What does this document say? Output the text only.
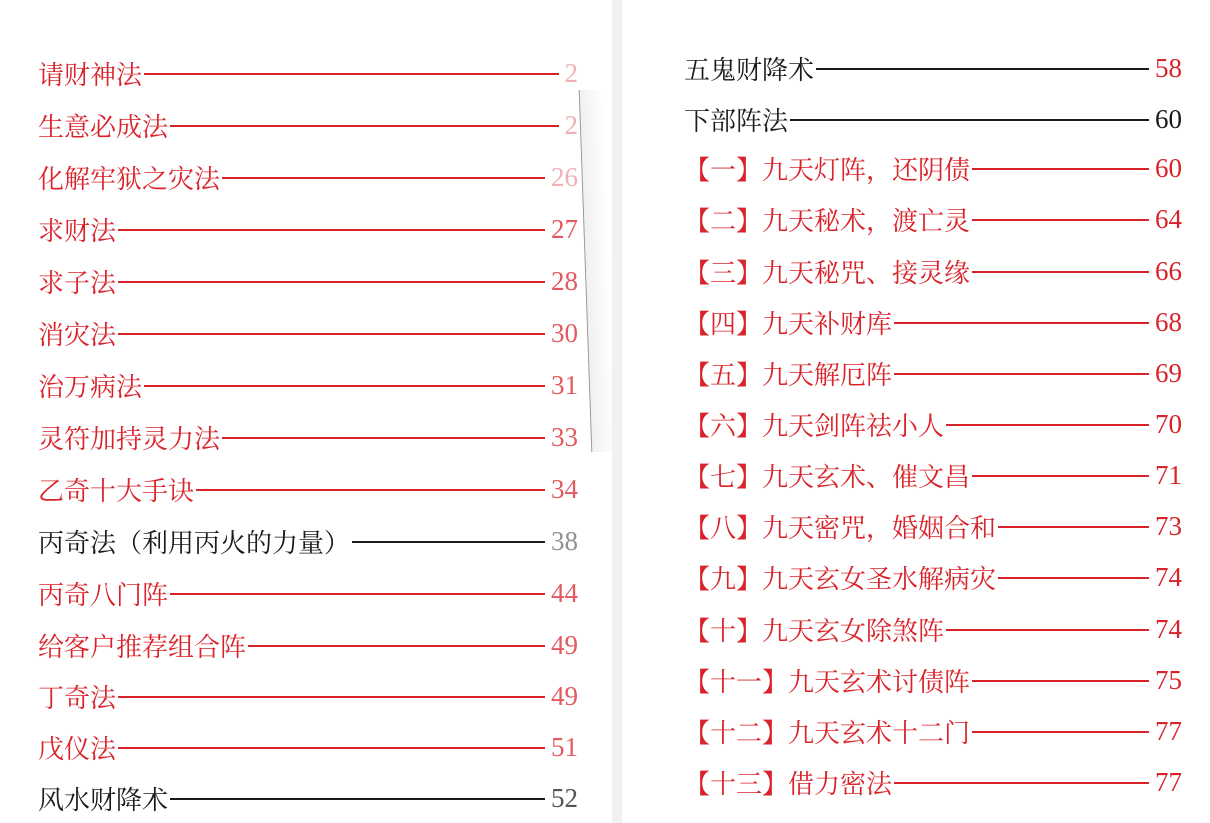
请财神法	2
生意必成法	2
化解牢狱之灾法	26
求财法	27
求子法	28
消灾法	30
治万病法	31
灵符加持灵力法	33
乙奇十大手诀	34
丙奇法（利用丙火的力量）	38
丙奇八门阵	44
给客户推荐组合阵	49
丁奇法	49
戊仪法	51
风水财降术	52
五鬼财降术	58
下部阵法	60
【一】九天灯阵，还阴债	60
【二】九天秘术，渡亡灵	64
【三】九天秘咒、接灵缘	66
【四】九天补财库	68
【五】九天解厄阵	69
【六】九天剑阵祛小人	70
【七】九天玄术、催文昌	71
【八】九天密咒，婚姻合和	73
【九】九天玄女圣水解病灾	74
【十】九天玄女除煞阵	74
【十一】九天玄术讨债阵	75
【十二】九天玄术十二门	77
【十三】借力密法	77
